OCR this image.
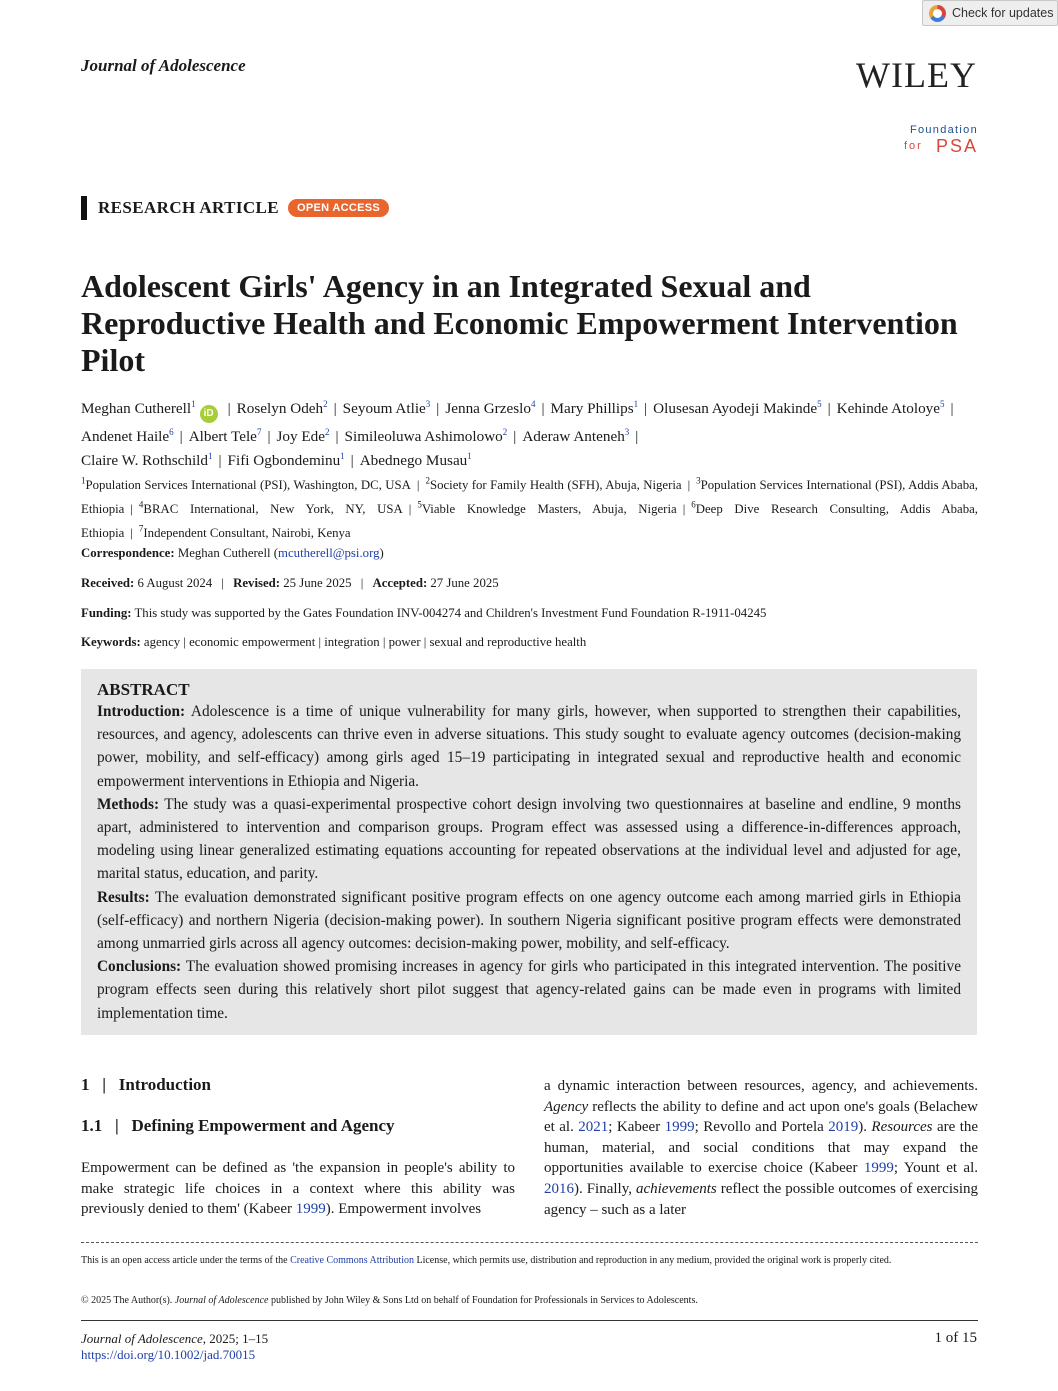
Check for updates
Journal of Adolescence	WILEY
Foundation
for PSA
RESEARCH ARTICLE	OPEN ACCESS
Adolescent Girls' Agency in an Integrated Sexual and Reproductive Health and Economic Empowerment Intervention Pilot
Meghan Cutherell$^1$iD | Roselyn Odeh$^2$ | Seyoum Atlie$^3$ | Jenna Grzeslo$^4$ | Mary Phillips$^1$ | Olusesan Ayodeji Makinde$^5$ | Kehinde Atoloye$^5$ |
Andenet Haile$^6$ | Albert Tele$^7$ | Joy Ede$^2$ | Simileoluwa Ashimolowo$^2$ | Aderaw Anteneh$^3$ |
Claire W. Rothschild$^1$ | Fifi Ogbondeminu$^1$ | Abednego Musau$^1$
$^1$Population Services International (PSI), Washington, DC, USA | $^2$Society for Family Health (SFH), Abuja, Nigeria | $^3$Population Services International (PSI), Addis Ababa, Ethiopia | $^4$BRAC International, New York, NY, USA | $^5$Viable Knowledge Masters, Abuja, Nigeria | $^6$Deep Dive Research Consulting, Addis Ababa, Ethiopia | $^7$Independent Consultant, Nairobi, Kenya
Correspondence: Meghan Cutherell (mcutherell@psi.org)
Received: 6 August 2024 | Revised: 25 June 2025 | Accepted: 27 June 2025
Funding: This study was supported by the Gates Foundation INV-004274 and Children's Investment Fund Foundation R-1911-04245
Keywords: agency | economic empowerment | integration | power | sexual and reproductive health
ABSTRACT

Introduction: Adolescence is a time of unique vulnerability for many girls, however, when supported to strengthen their capabilities, resources, and agency, adolescents can thrive even in adverse situations. This study sought to evaluate agency outcomes (decision-making power, mobility, and self-efficacy) among girls aged 15–19 participating in integrated sexual and reproductive health and economic empowerment interventions in Ethiopia and Nigeria.

Methods: The study was a quasi-experimental prospective cohort design involving two questionnaires at baseline and endline, 9 months apart, administered to intervention and comparison groups. Program effect was assessed using a difference-in-differences approach, modeling using linear generalized estimating equations accounting for repeated observations at the individual level and adjusted for age, marital status, education, and parity.

Results: The evaluation demonstrated significant positive program effects on one agency outcome each among married girls in Ethiopia (self-efficacy) and northern Nigeria (decision-making power). In southern Nigeria significant positive program effects were demonstrated among unmarried girls across all agency outcomes: decision-making power, mobility, and self-efficacy.

Conclusions: The evaluation showed promising increases in agency for girls who participated in this integrated intervention. The positive program effects seen during this relatively short pilot suggest that agency-related gains can be made even in programs with limited implementation time.

1   |   Introduction
1.1   |   Defining Empowerment and Agency
Empowerment can be defined as 'the expansion in people's ability to make strategic life choices in a context where this ability was previously denied to them' (Kabeer 1999). Empowerment involves
a dynamic interaction between resources, agency, and achievements. Agency reflects the ability to define and act upon one's goals (Belachew et al. 2021; Kabeer 1999; Revollo and Portela 2019). Resources are the human, material, and social conditions that may expand the opportunities available to exercise choice (Kabeer 1999; Yount et al. 2016). Finally, achievements reflect the possible outcomes of exercising agency – such as a later
This is an open access article under the terms of the Creative Commons Attribution License, which permits use, distribution and reproduction in any medium, provided the original work is properly cited.
© 2025 The Author(s). Journal of Adolescence published by John Wiley & Sons Ltd on behalf of Foundation for Professionals in Services to Adolescents.
Journal of Adolescence, 2025; 1–15
https://doi.org/10.1002/jad.70015
1 of 15
